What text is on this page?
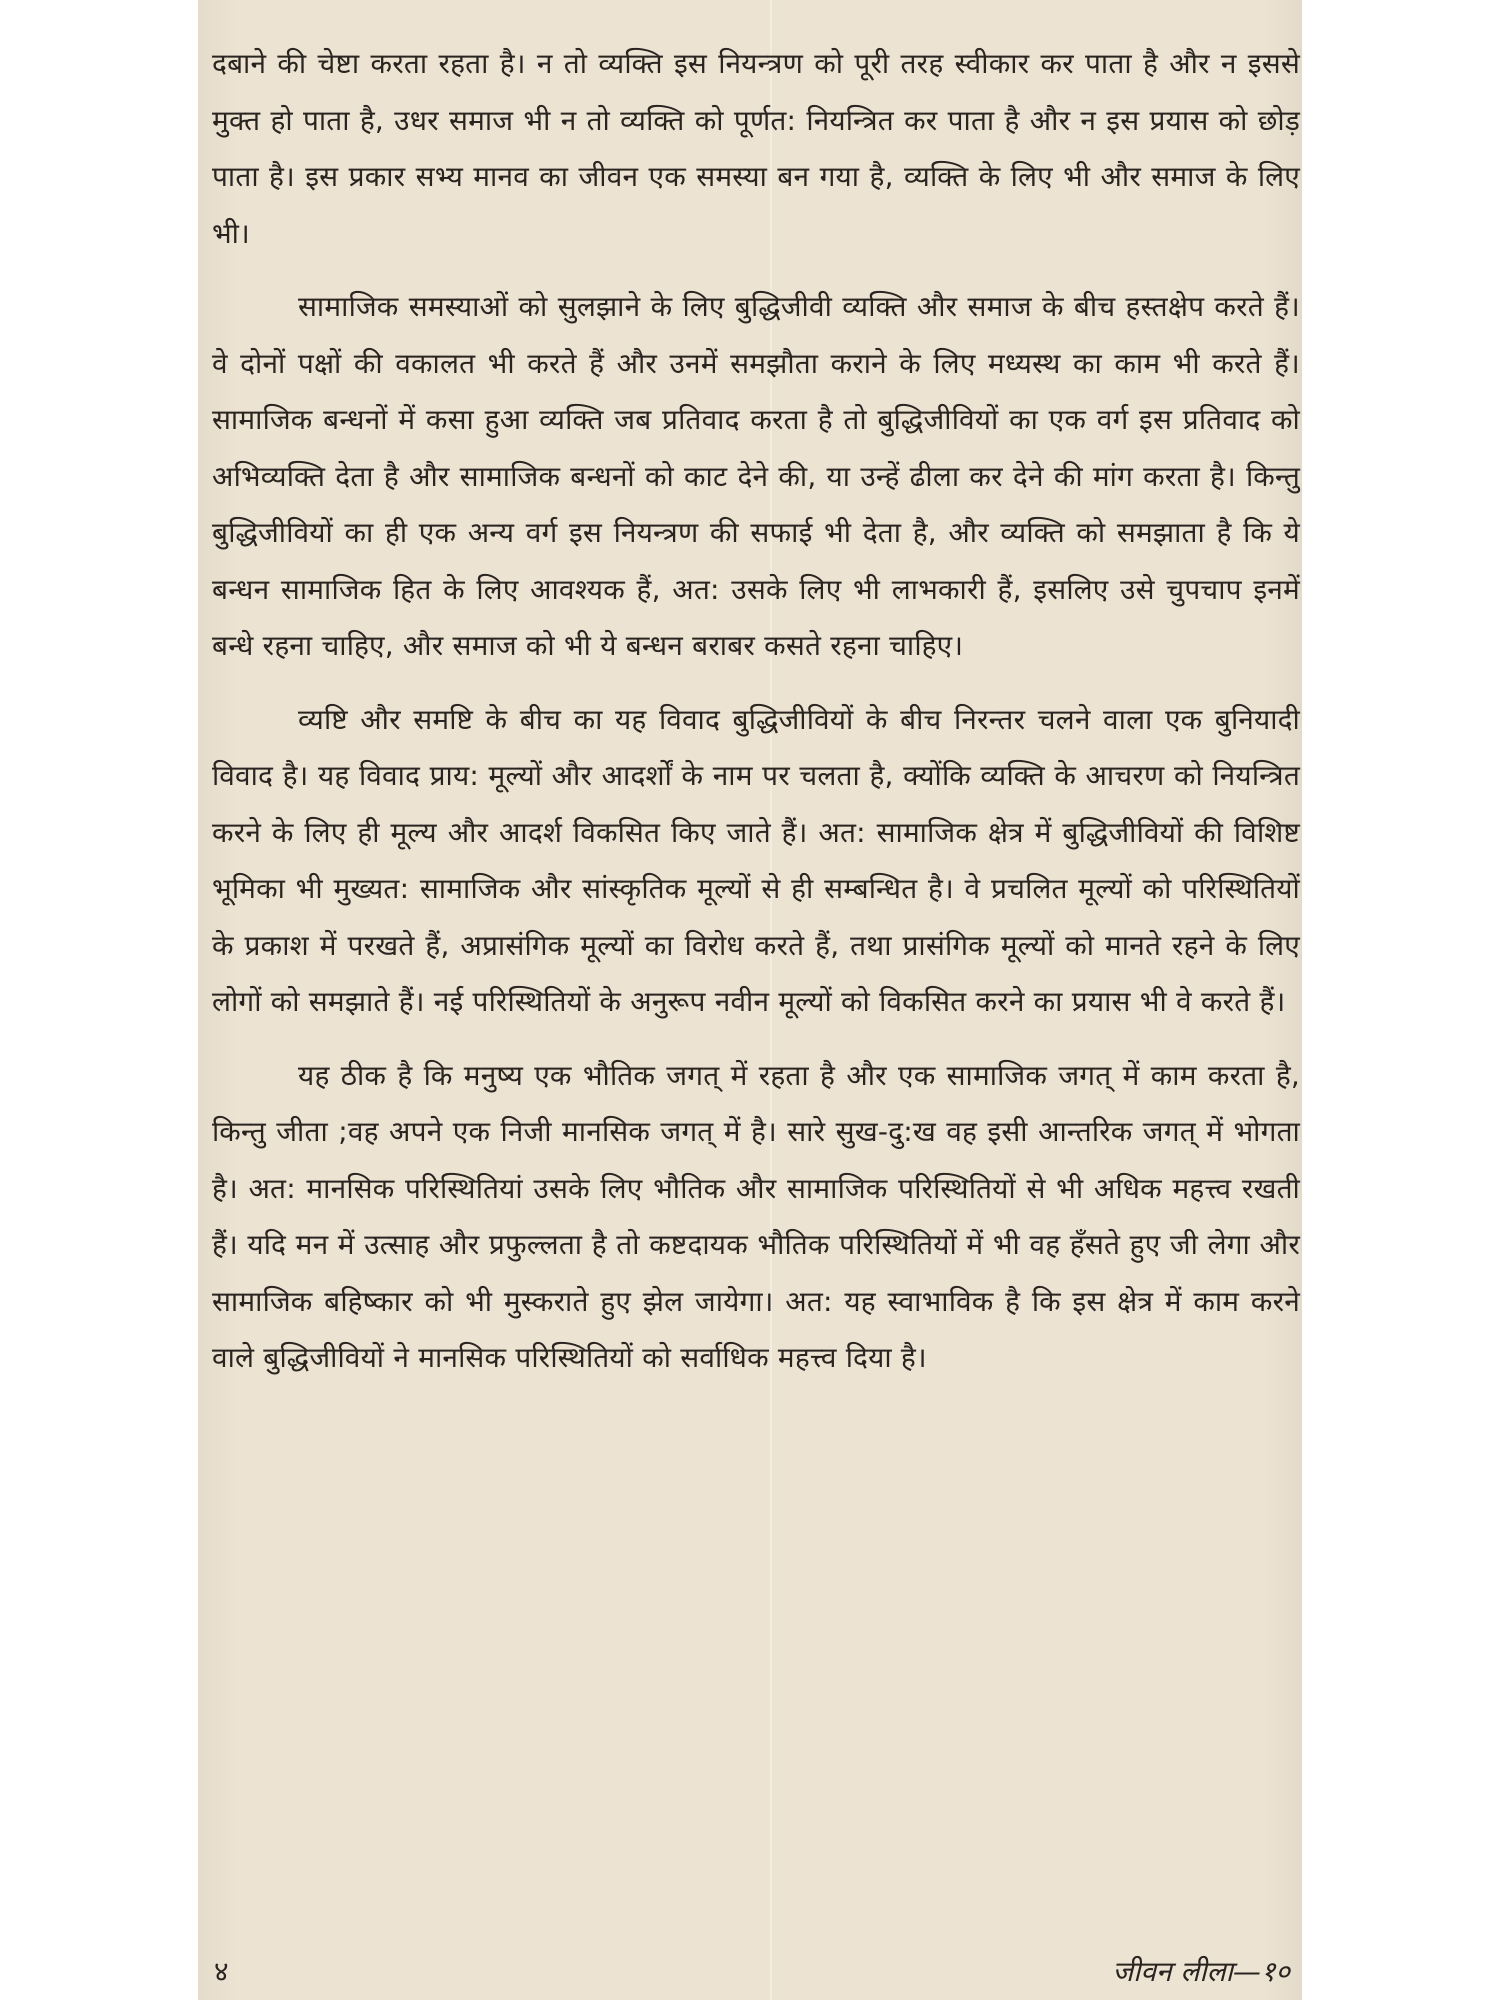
दबाने की चेष्टा करता रहता है। न तो व्यक्ति इस नियन्त्रण को पूरी तरह स्वीकार कर पाता है और न इससे मुक्त हो पाता है, उधर समाज भी न तो व्यक्ति को पूर्णत: नियन्त्रित कर पाता है और न इस प्रयास को छोड़ पाता है। इस प्रकार सभ्य मानव का जीवन एक समस्या बन गया है, व्यक्ति के लिए भी और समाज के लिए भी।

सामाजिक समस्याओं को सुलझाने के लिए बुद्धिजीवी व्यक्ति और समाज के बीच हस्तक्षेप करते हैं। वे दोनों पक्षों की वकालत भी करते हैं और उनमें समझौता कराने के लिए मध्यस्थ का काम भी करते हैं। सामाजिक बन्धनों में कसा हुआ व्यक्ति जब प्रतिवाद करता है तो बुद्धिजीवियों का एक वर्ग इस प्रतिवाद को अभिव्यक्ति देता है और सामाजिक बन्धनों को काट देने की, या उन्हें ढीला कर देने की मांग करता है। किन्तु बुद्धिजीवियों का ही एक अन्य वर्ग इस नियन्त्रण की सफाई भी देता है, और व्यक्ति को समझाता है कि ये बन्धन सामाजिक हित के लिए आवश्यक हैं, अत: उसके लिए भी लाभकारी हैं, इसलिए उसे चुपचाप इनमें बन्धे रहना चाहिए, और समाज को भी ये बन्धन बराबर कसते रहना चाहिए।

व्यष्टि और समष्टि के बीच का यह विवाद बुद्धिजीवियों के बीच निरन्तर चलने वाला एक बुनियादी विवाद है। यह विवाद प्राय: मूल्यों और आदर्शों के नाम पर चलता है, क्योंकि व्यक्ति के आचरण को नियन्त्रित करने के लिए ही मूल्य और आदर्श विकसित किए जाते हैं। अत: सामाजिक क्षेत्र में बुद्धिजीवियों की विशिष्ट भूमिका भी मुख्यत: सामाजिक और सांस्कृतिक मूल्यों से ही सम्बन्धित है। वे प्रचलित मूल्यों को परिस्थितियों के प्रकाश में परखते हैं, अप्रासंगिक मूल्यों का विरोध करते हैं, तथा प्रासंगिक मूल्यों को मानते रहने के लिए लोगों को समझाते हैं। नई परिस्थितियों के अनुरूप नवीन मूल्यों को विकसित करने का प्रयास भी वे करते हैं।

यह ठीक है कि मनुष्य एक भौतिक जगत् में रहता है और एक सामाजिक जगत् में काम करता है, किन्तु जीता ;वह अपने एक निजी मानसिक जगत् में है। सारे सुख-दु:ख वह इसी आन्तरिक जगत् में भोगता है। अत: मानसिक परिस्थितियां उसके लिए भौतिक और सामाजिक परिस्थितियों से भी अधिक महत्त्व रखती हैं। यदि मन में उत्साह और प्रफुल्लता है तो कष्टदायक भौतिक परिस्थितियों में भी वह हँसते हुए जी लेगा और सामाजिक बहिष्कार को भी मुस्कराते हुए झेल जायेगा। अत: यह स्वाभाविक है कि इस क्षेत्र में काम करने वाले बुद्धिजीवियों ने मानसिक परिस्थितियों को सर्वाधिक महत्त्व दिया है।

४	जीवन लीला—१०
